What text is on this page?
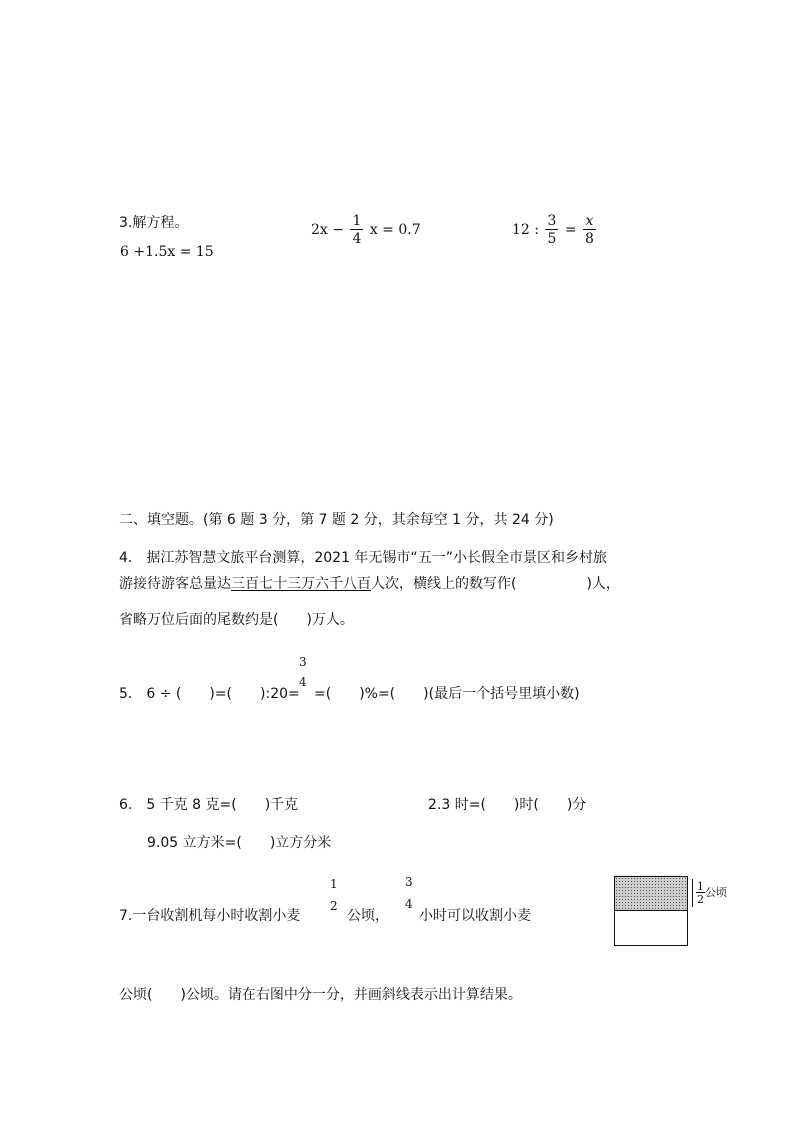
3.解方程。
6 +1.5x = 15
$2x - \frac{1}{4}$ x = 0.7	12 : $\frac{3}{5} = \frac{x}{8}$
二、填空题。(第 6 题 3 分，第 7 题 2 分，其余每空 1 分，共 24 分)
4.　据江苏智慧文旅平台测算，2021 年无锡市“五一”小长假全市景区和乡村旅
游接待游客总量达三百七十三万六千八百人次，横线上的数写作(　　　　　)人，
省略万位后面的尾数约是(　　)万人。
5.　6 ÷ (　　)=(　　):20=
3
4
=(　　)%=(　　)(最后一个括号里填小数)
6.　5 千克 8 克=(　　)千克	2.3 时=(　　)时(　　)分
9.05 立方米=(　　)立方分米
7.一台收割机每小时收割小麦
1
2
公顷，
3
4
小时可以收割小麦
公顷(　　)公顷。请在右图中分一分，并画斜线表示出计算结果。
$\frac{1}{2}$ 公顷
